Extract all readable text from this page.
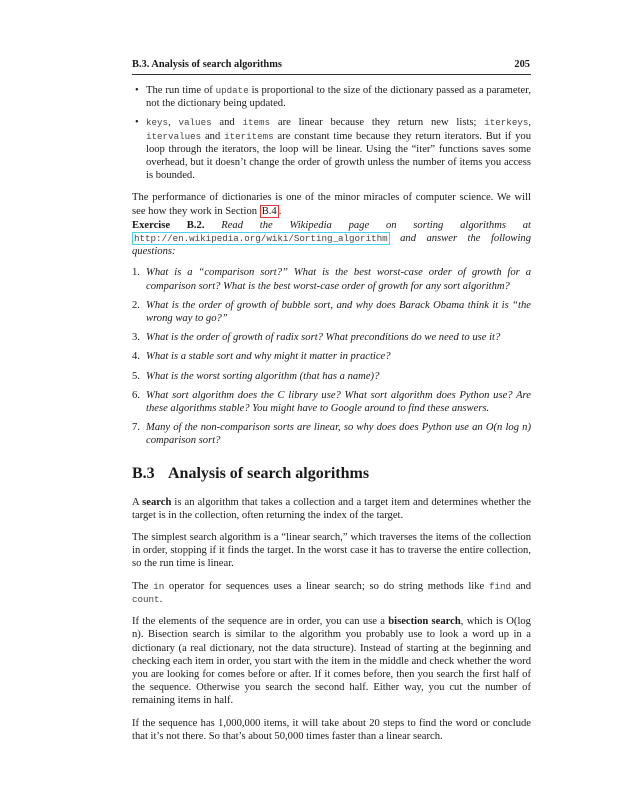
B.3. Analysis of search algorithms	205
• The run time of update is proportional to the size of the dictionary passed as a parameter, not the dictionary being updated.
• keys, values and items are linear because they return new lists; iterkeys, itervalues and iteritems are constant time because they return iterators. But if you loop through the iterators, the loop will be linear. Using the “iter” functions saves some overhead, but it doesn’t change the order of growth unless the number of items you access is bounded.

The performance of dictionaries is one of the minor miracles of computer science. We will see how they work in Section B.4 .

Exercise B.2. Read the Wikipedia page on sorting algorithms at http://en.wikipedia.org/wiki/Sorting_algorithm and answer the following questions:
1. What is a “comparison sort?” What is the best worst-case order of growth for a comparison sort? What is the best worst-case order of growth for any sort algorithm?
2. What is the order of growth of bubble sort, and why does Barack Obama think it is “the wrong way to go?”
3. What is the order of growth of radix sort? What preconditions do we need to use it?
4. What is a stable sort and why might it matter in practice?
5. What is the worst sorting algorithm (that has a name)?
6. What sort algorithm does the C library use? What sort algorithm does Python use? Are these algorithms stable? You might have to Google around to find these answers.
7. Many of the non-comparison sorts are linear, so why does does Python use an O(n log n) comparison sort?
B.3 Analysis of search algorithms

A search is an algorithm that takes a collection and a target item and determines whether the target is in the collection, often returning the index of the target.

The simplest search algorithm is a “linear search,” which traverses the items of the collection in order, stopping if it finds the target. In the worst case it has to traverse the entire collection, so the run time is linear.

The in operator for sequences uses a linear search; so do string methods like find and count.

If the elements of the sequence are in order, you can use a bisection search, which is O(log n). Bisection search is similar to the algorithm you probably use to look a word up in a dictionary (a real dictionary, not the data structure). Instead of starting at the beginning and checking each item in order, you start with the item in the middle and check whether the word you are looking for comes before or after. If it comes before, then you search the first half of the sequence. Otherwise you search the second half. Either way, you cut the number of remaining items in half.

If the sequence has 1,000,000 items, it will take about 20 steps to find the word or conclude that it’s not there. So that’s about 50,000 times faster than a linear search.
